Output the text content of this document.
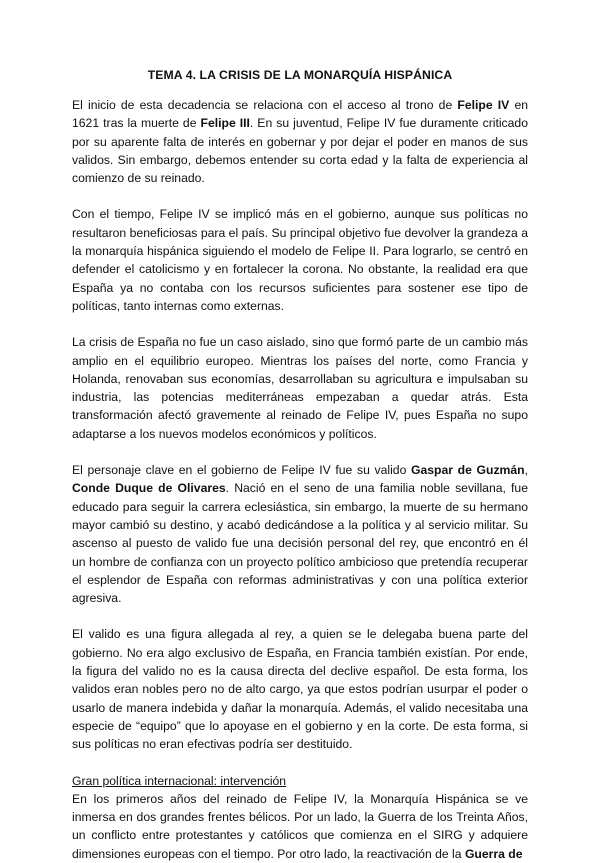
TEMA 4. LA CRISIS DE LA MONARQUÍA HISPÁNICA

El inicio de esta decadencia se relaciona con el acceso al trono de Felipe IV en 1621 tras la muerte de Felipe III. En su juventud, Felipe IV fue duramente criticado por su aparente falta de interés en gobernar y por dejar el poder en manos de sus validos. Sin embargo, debemos entender su corta edad y la falta de experiencia al comienzo de su reinado.

Con el tiempo, Felipe IV se implicó más en el gobierno, aunque sus políticas no resultaron beneficiosas para el país. Su principal objetivo fue devolver la grandeza a la monarquía hispánica siguiendo el modelo de Felipe II. Para lograrlo, se centró en defender el catolicismo y en fortalecer la corona. No obstante, la realidad era que España ya no contaba con los recursos suficientes para sostener ese tipo de políticas, tanto internas como externas.

La crisis de España no fue un caso aislado, sino que formó parte de un cambio más amplio en el equilibrio europeo. Mientras los países del norte, como Francia y Holanda, renovaban sus economías, desarrollaban su agricultura e impulsaban su industria, las potencias mediterráneas empezaban a quedar atrás. Esta transformación afectó gravemente al reinado de Felipe IV, pues España no supo adaptarse a los nuevos modelos económicos y políticos.

El personaje clave en el gobierno de Felipe IV fue su valido Gaspar de Guzmán, Conde Duque de Olivares. Nació en el seno de una familia noble sevillana, fue educado para seguir la carrera eclesiástica, sin embargo, la muerte de su hermano mayor cambió su destino, y acabó dedicándose a la política y al servicio militar. Su ascenso al puesto de valido fue una decisión personal del rey, que encontró en él un hombre de confianza con un proyecto político ambicioso que pretendía recuperar el esplendor de España con reformas administrativas y con una política exterior agresiva.

El valido es una figura allegada al rey, a quien se le delegaba buena parte del gobierno. No era algo exclusivo de España, en Francia también existían. Por ende, la figura del valido no es la causa directa del declive español. De esta forma, los validos eran nobles pero no de alto cargo, ya que estos podrían usurpar el poder o usarlo de manera indebida y dañar la monarquía. Además, el valido necesitaba una especie de “equipo” que lo apoyase en el gobierno y en la corte. De esta forma, si sus políticas no eran efectivas podría ser destituido.

Gran política internacional: intervención

En los primeros años del reinado de Felipe IV, la Monarquía Hispánica se ve inmersa en dos grandes frentes bélicos. Por un lado, la Guerra de los Treinta Años, un conflicto entre protestantes y católicos que comienza en el SIRG y adquiere dimensiones europeas con el tiempo. Por otro lado, la reactivación de la Guerra de
